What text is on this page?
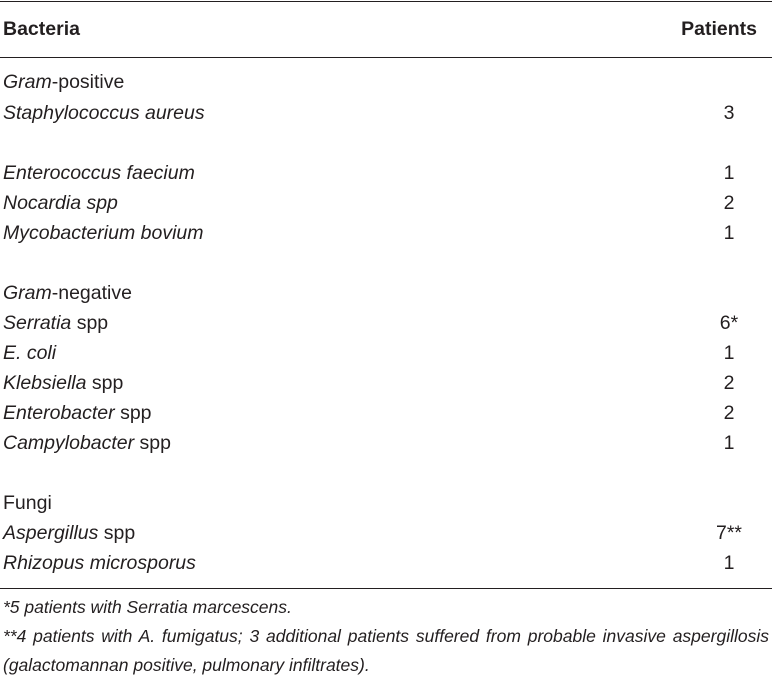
Bacteria	Patients
Gram-positive
Staphylococcus aureus	3
Enterococcus faecium	1
Nocardia spp	2
Mycobacterium bovium	1
Gram-negative
Serratia spp	6*
E. coli	1
Klebsiella spp	2
Enterobacter spp	2
Campylobacter spp	1
Fungi
Aspergillus spp	7**
Rhizopus microsporus	1
*5 patients with Serratia marcescens.
**4 patients with A. fumigatus; 3 additional patients suffered from probable invasive aspergillosis (galactomannan positive, pulmonary infiltrates).
